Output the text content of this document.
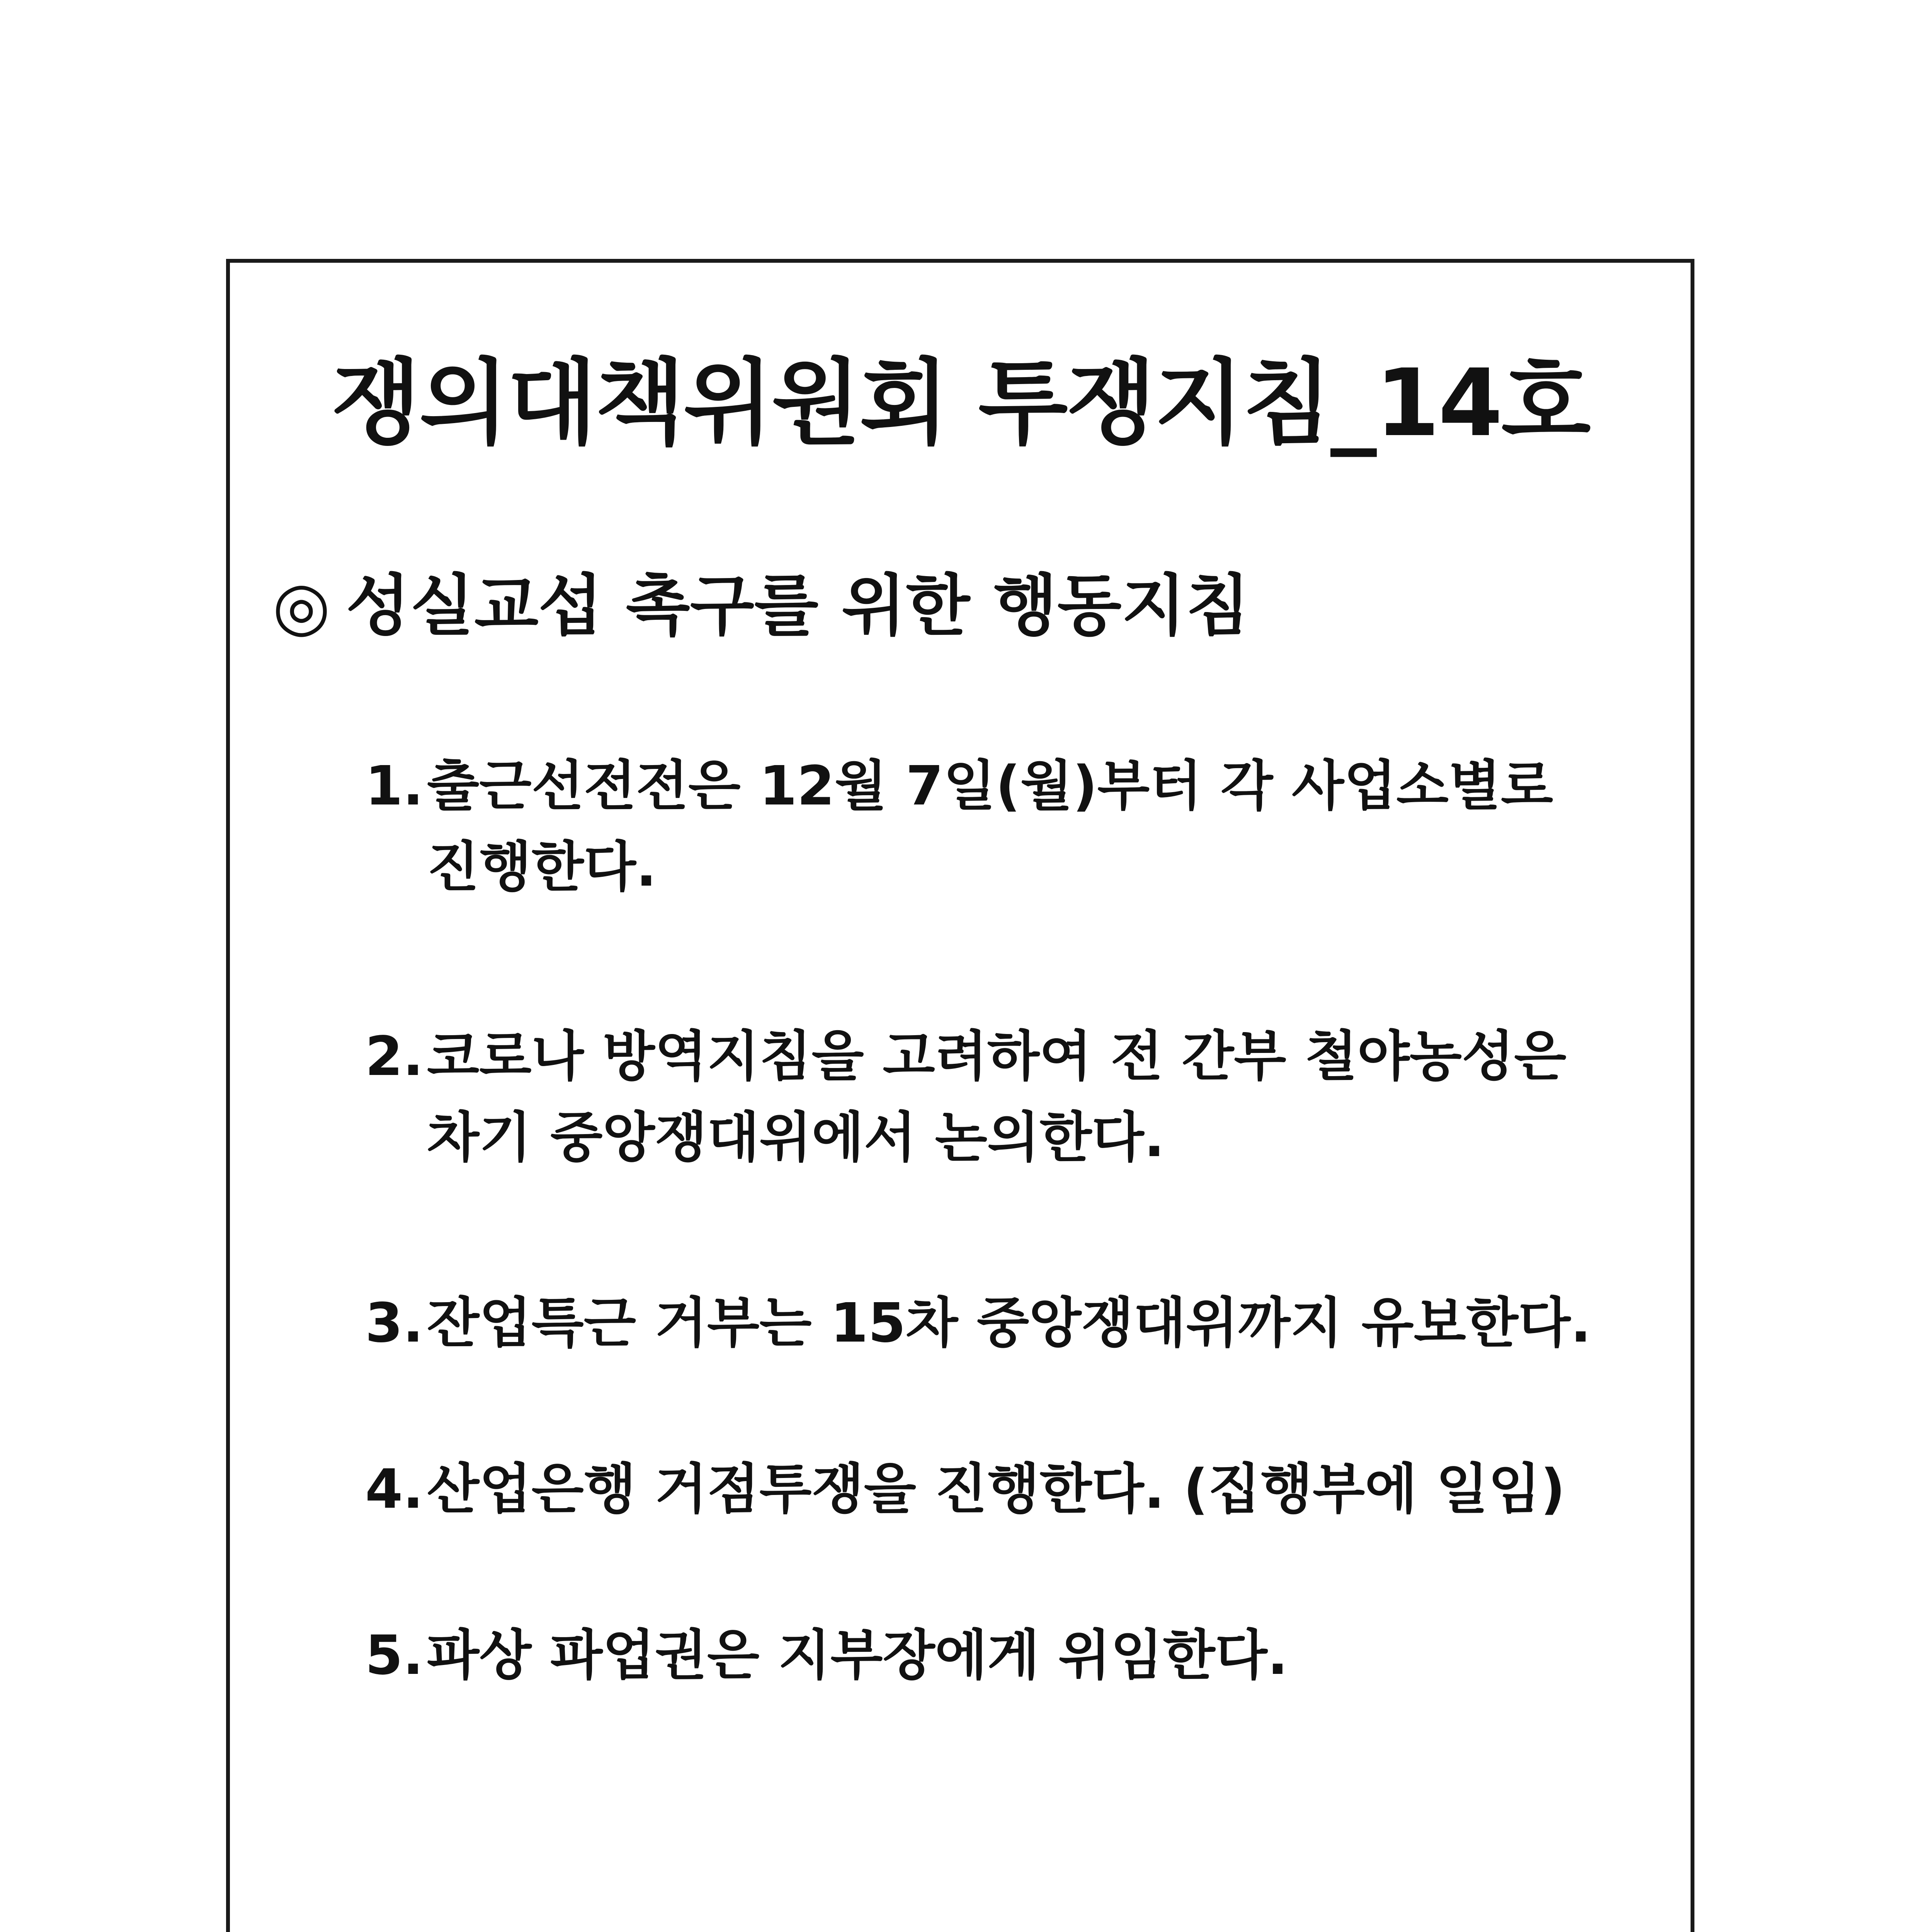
쟁의대책위원회 투쟁지침_14호
◎ 성실교섭 촉구를 위한 행동지침
1.출근선전전은 12월 7일(월)부터 각 사업소별로
진행한다.
2.코로나 방역지침을 고려하여 전 간부 철야농성은
차기 중앙쟁대위에서 논의한다.
3.잔업특근 거부는 15차 중앙쟁대위까지 유보한다.
4.산업은행 거점투쟁을 진행한다. (집행부에 일임)
5.파상 파업권은 지부장에게 위임한다.
